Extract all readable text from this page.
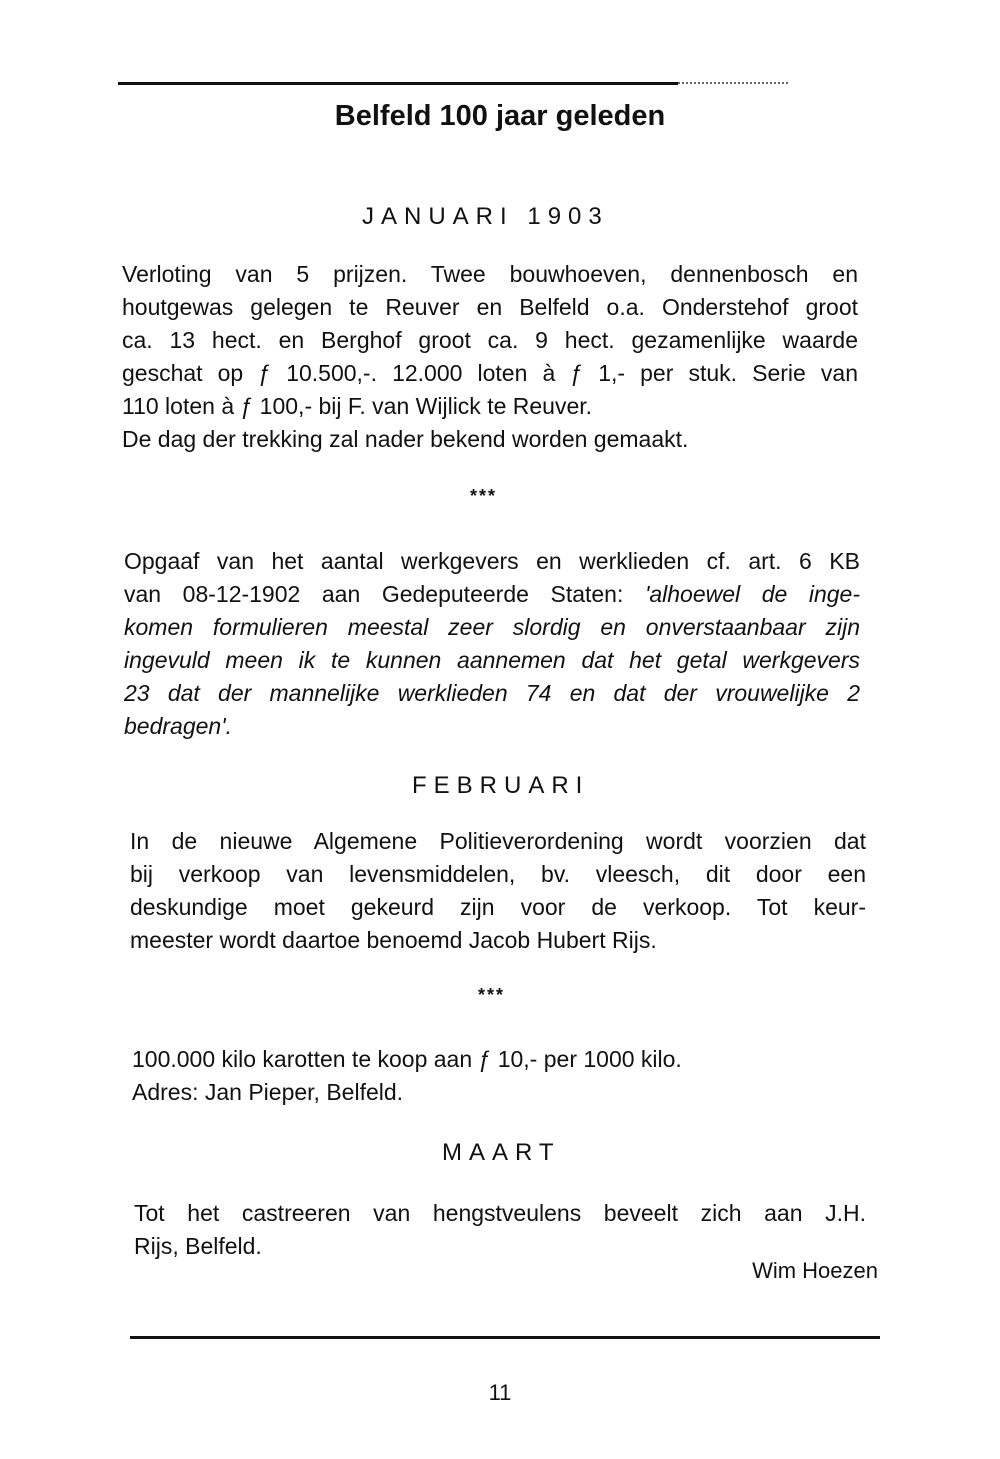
Belfeld 100 jaar geleden
JANUARI 1903
Verloting van 5 prijzen. Twee bouwhoeven, dennenbosch en
houtgewas gelegen te Reuver en Belfeld o.a. Onderstehof groot
ca. 13 hect. en Berghof groot ca. 9 hect. gezamenlijke waarde
geschat op ƒ 10.500,-. 12.000 loten à ƒ 1,- per stuk. Serie van
110 loten à ƒ 100,- bij F. van Wijlick te Reuver.
De dag der trekking zal nader bekend worden gemaakt.
***
Opgaaf van het aantal werkgevers en werklieden cf. art. 6 KB
van 08-12-1902 aan Gedeputeerde Staten: 'alhoewel de inge-
komen formulieren meestal zeer slordig en onverstaanbaar zijn
ingevuld meen ik te kunnen aannemen dat het getal werkgevers
23 dat der mannelijke werklieden 74 en dat der vrouwelijke 2
bedragen'.
FEBRUARI
In de nieuwe Algemene Politieverordening wordt voorzien dat
bij verkoop van levensmiddelen, bv. vleesch, dit door een
deskundige moet gekeurd zijn voor de verkoop. Tot keur-
meester wordt daartoe benoemd Jacob Hubert Rijs.
***
100.000 kilo karotten te koop aan ƒ 10,- per 1000 kilo.
Adres: Jan Pieper, Belfeld.
MAART
Tot het castreeren van hengstveulens beveelt zich aan J.H.
Rijs, Belfeld.
Wim Hoezen
11
